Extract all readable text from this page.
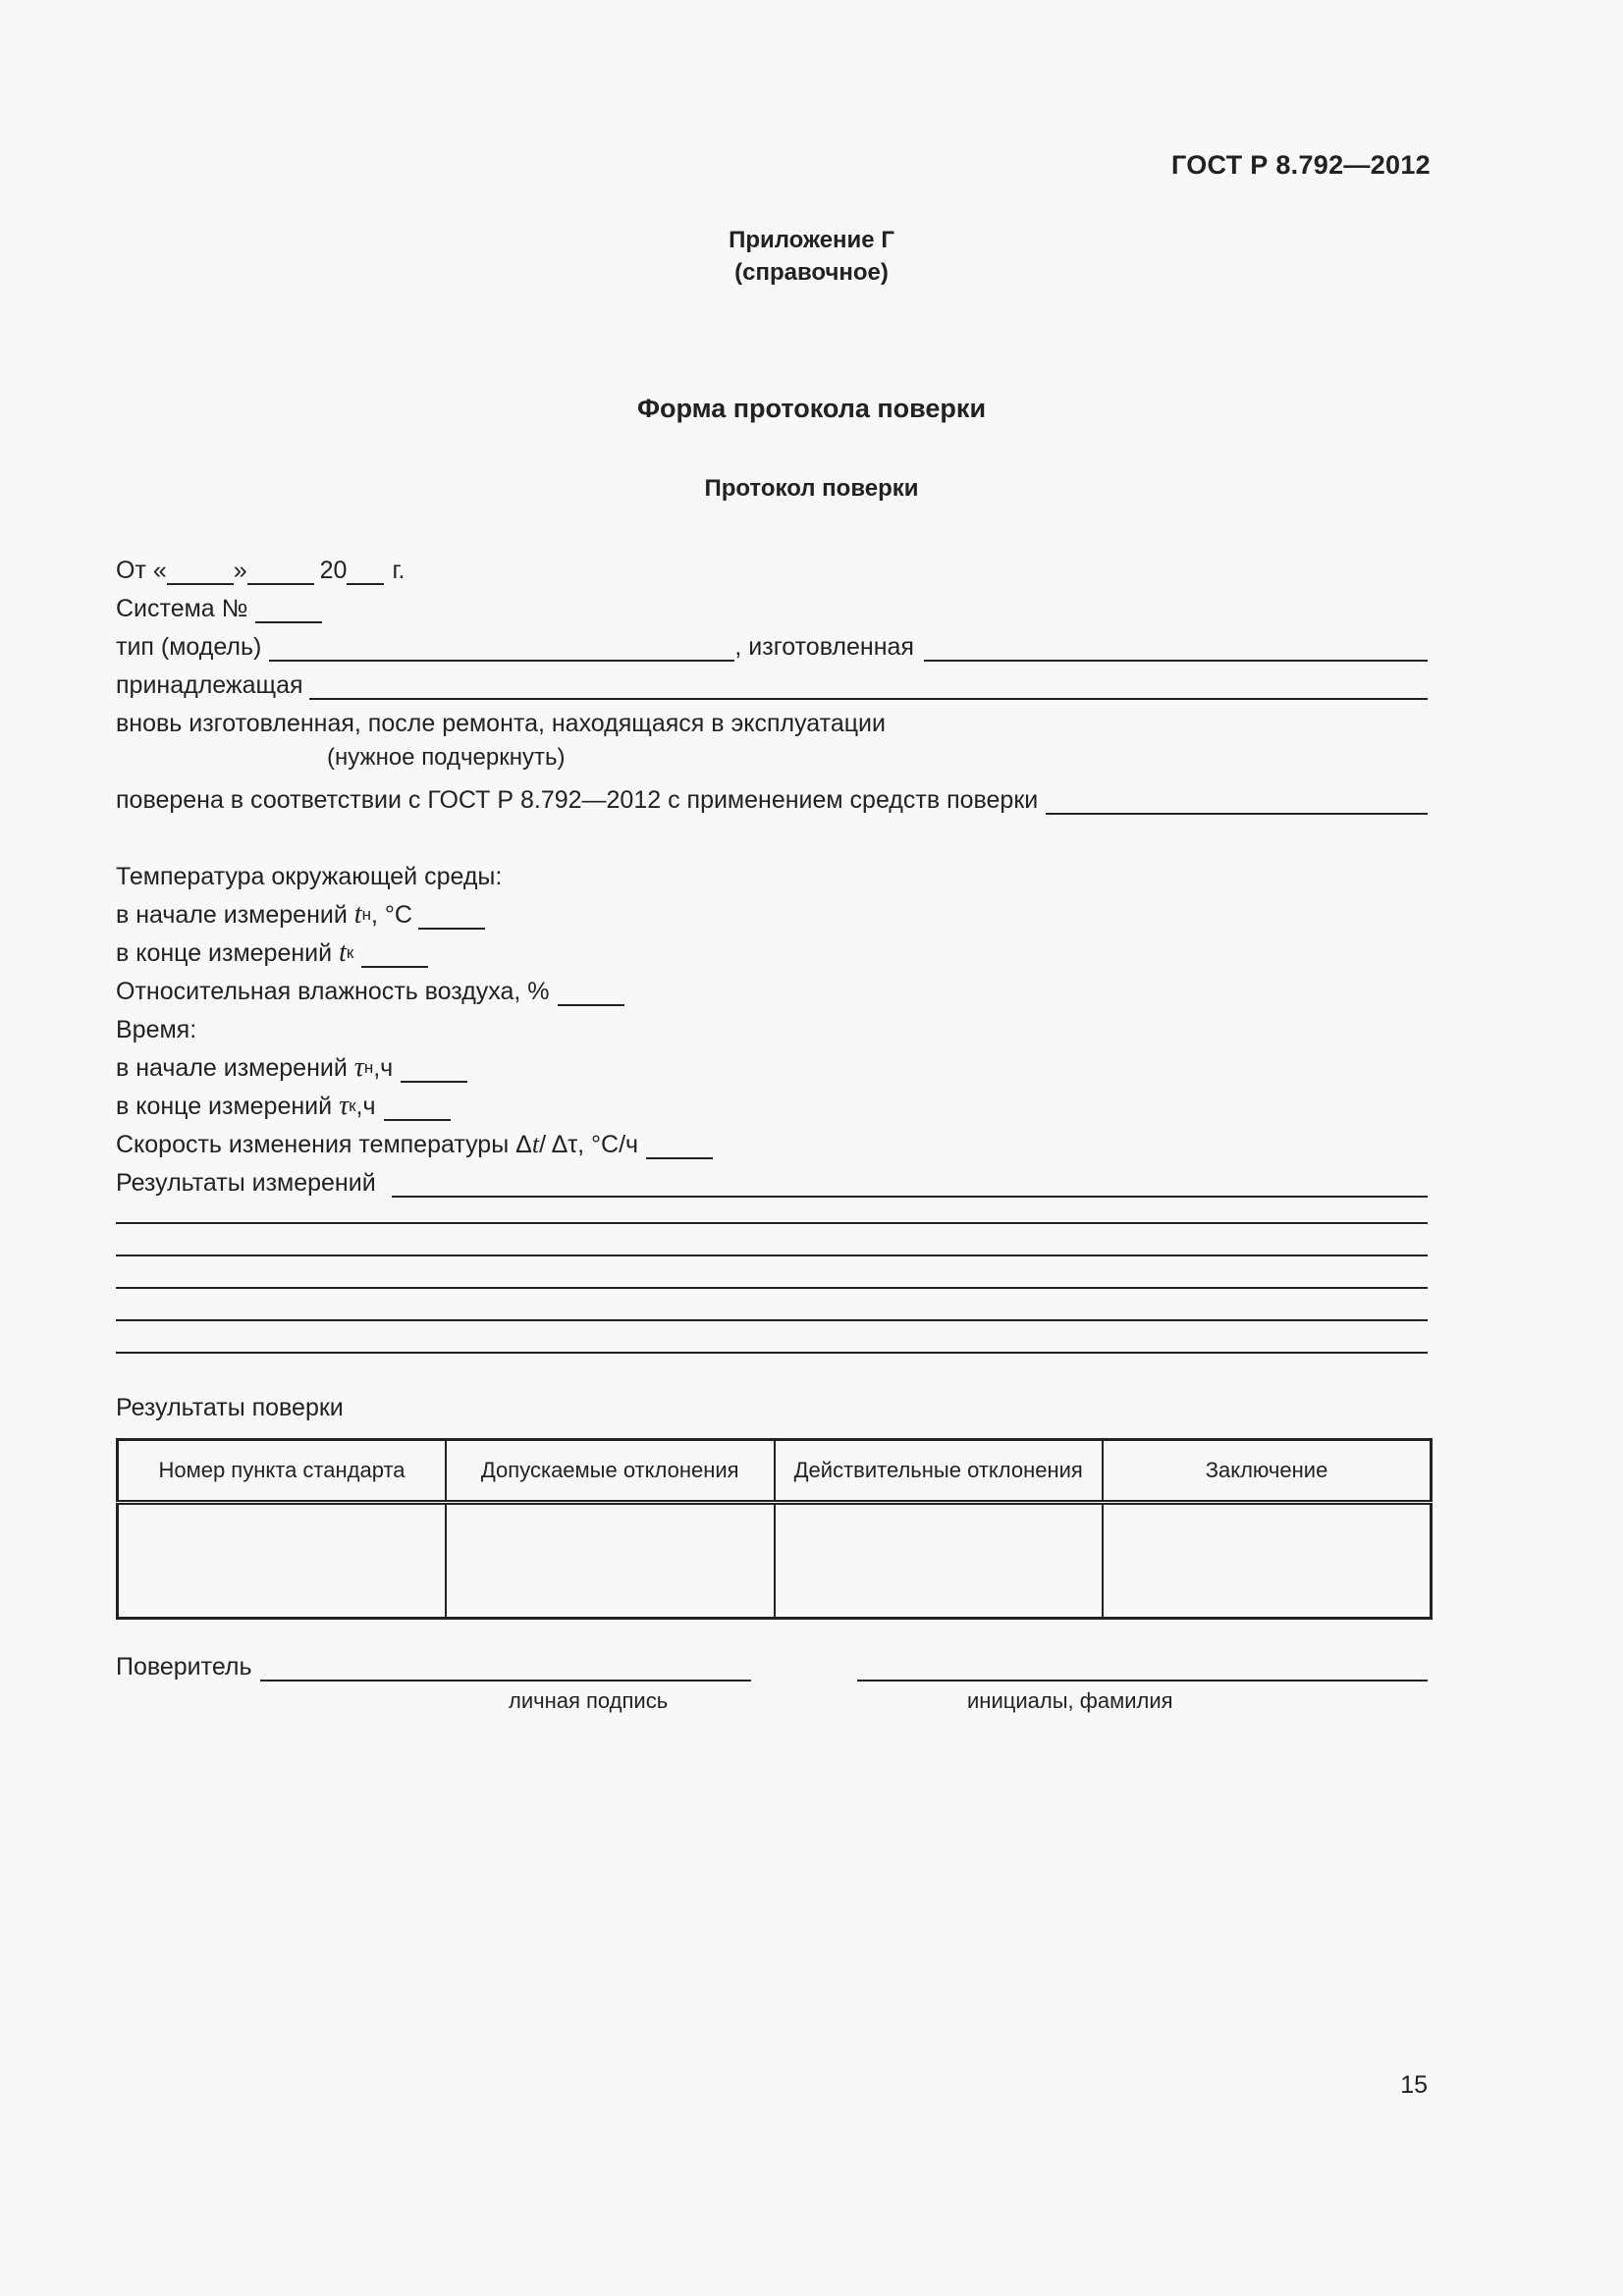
ГОСТ Р 8.792—2012
Приложение Г
(справочное)
Форма протокола поверки
Протокол поверки
От «	»	20 г.
Система №
тип (модель)	, изготовленная
принадлежащая
вновь изготовленная, после ремонта, находящаяся в эксплуатации
(нужное подчеркнуть)
поверена в соответствии с ГОСТ Р 8.792—2012 с применением средств поверки
Температура окружающей среды:
в начале измерений
t н , °С
в конце измерений
t к
Относительная влажность воздуха, %
Время:
в начале измерений
τ н ,ч
в конце измерений
τ к ,ч
Скорость изменения температуры Δ t / Δτ, °С/ч
Результаты измерений
Результаты поверки
Номер пункта стандарта	Допускаемые отклонения	Действительные отклонения	Заключение

Поверитель
личная подпись	инициалы, фамилия
15
